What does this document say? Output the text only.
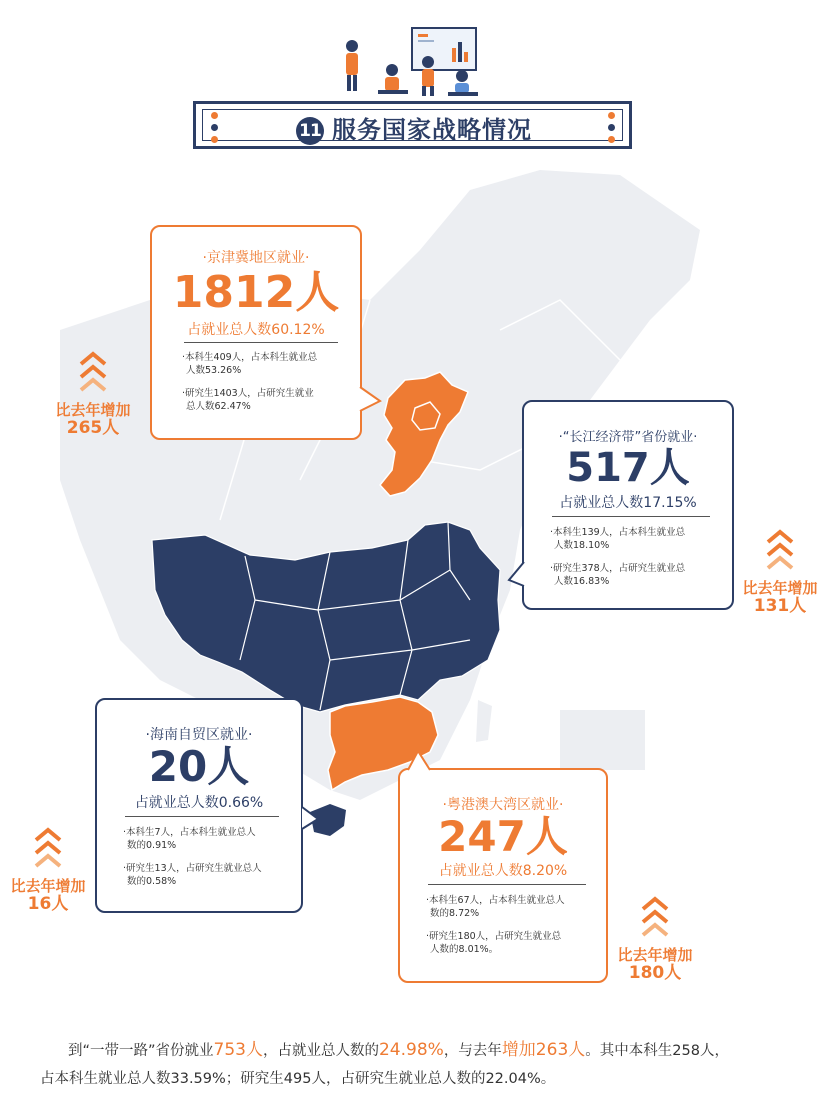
11 服务国家战略情况
·京津冀地区就业·
1812人
占就业总人数60.12%
·本科生409人，占本科生就业总
人数53.26%
·研究生1403人，占研究生就业
总人数62.47%
·“长江经济带”省份就业·
517人
占就业总人数17.15%
·本科生139人，占本科生就业总
人数18.10%
·研究生378人，占研究生就业总
人数16.83%
·海南自贸区就业·
20人
占就业总人数0.66%
·本科生7人，占本科生就业总人
数的0.91%
·研究生13人，占研究生就业总人
数的0.58%
·粤港澳大湾区就业·
247人
占就业总人数8.20%
·本科生67人，占本科生就业总人
数的8.72%
·研究生180人，占研究生就业总
人数的8.01%。
比去年增加
265人
比去年增加
131人
比去年增加
16人
比去年增加
180人
到“一带一路”省份就业753人，占就业总人数的24.98%，与去年增加263人。其中本科生258人，
占本科生就业总人数33.59%；研究生495人，占研究生就业总人数的22.04%。
